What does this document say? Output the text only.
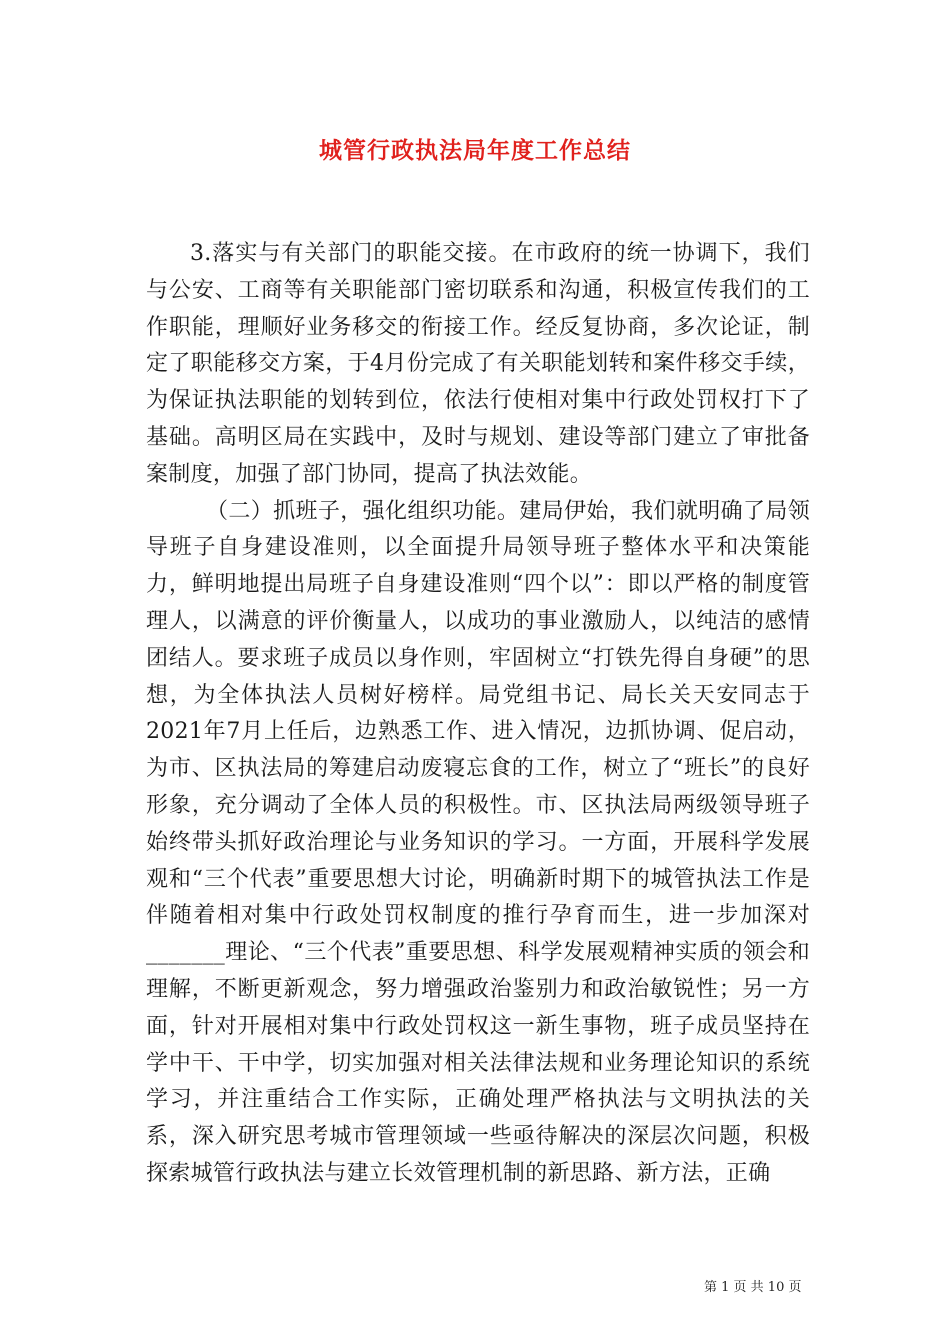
城管行政执法局年度工作总结

3.落实与有关部门的职能交接。在市政府的统一协调下，我们与公安、工商等有关职能部门密切联系和沟通，积极宣传我们的工作职能，理顺好业务移交的衔接工作。经反复协商，多次论证，制定了职能移交方案，于4月份完成了有关职能划转和案件移交手续，为保证执法职能的划转到位，依法行使相对集中行政处罚权打下了基础。高明区局在实践中，及时与规划、建设等部门建立了审批备案制度，加强了部门协同，提高了执法效能。

（二）抓班子，强化组织功能。建局伊始，我们就明确了局领导班子自身建设准则，以全面提升局领导班子整体水平和决策能力，鲜明地提出局班子自身建设准则“四个以”：即以严格的制度管理人，以满意的评价衡量人，以成功的事业激励人，以纯洁的感情团结人。要求班子成员以身作则，牢固树立“打铁先得自身硬”的思想，为全体执法人员树好榜样。局党组书记、局长关天安同志于2021年7月上任后，边熟悉工作、进入情况，边抓协调、促启动，为市、区执法局的筹建启动废寝忘食的工作，树立了“班长”的良好形象，充分调动了全体人员的积极性。市、区执法局两级领导班子始终带头抓好政治理论与业务知识的学习。一方面，开展科学发展观和“三个代表”重要思想大讨论，明确新时期下的城管执法工作是伴随着相对集中行政处罚权制度的推行孕育而生，进一步加深对_______理论、“三个代表”重要思想、科学发展观精神实质的领会和理解，不断更新观念，努力增强政治鉴别力和政治敏锐性；另一方面，针对开展相对集中行政处罚权这一新生事物，班子成员坚持在学中干、干中学，切实加强对相关法律法规和业务理论知识的系统学习，并注重结合工作实际，正确处理严格执法与文明执法的关系，深入研究思考城市管理领域一些亟待解决的深层次问题，积极探索城管行政执法与建立长效管理机制的新思路、新方法，正确

第 1 页 共 10 页
